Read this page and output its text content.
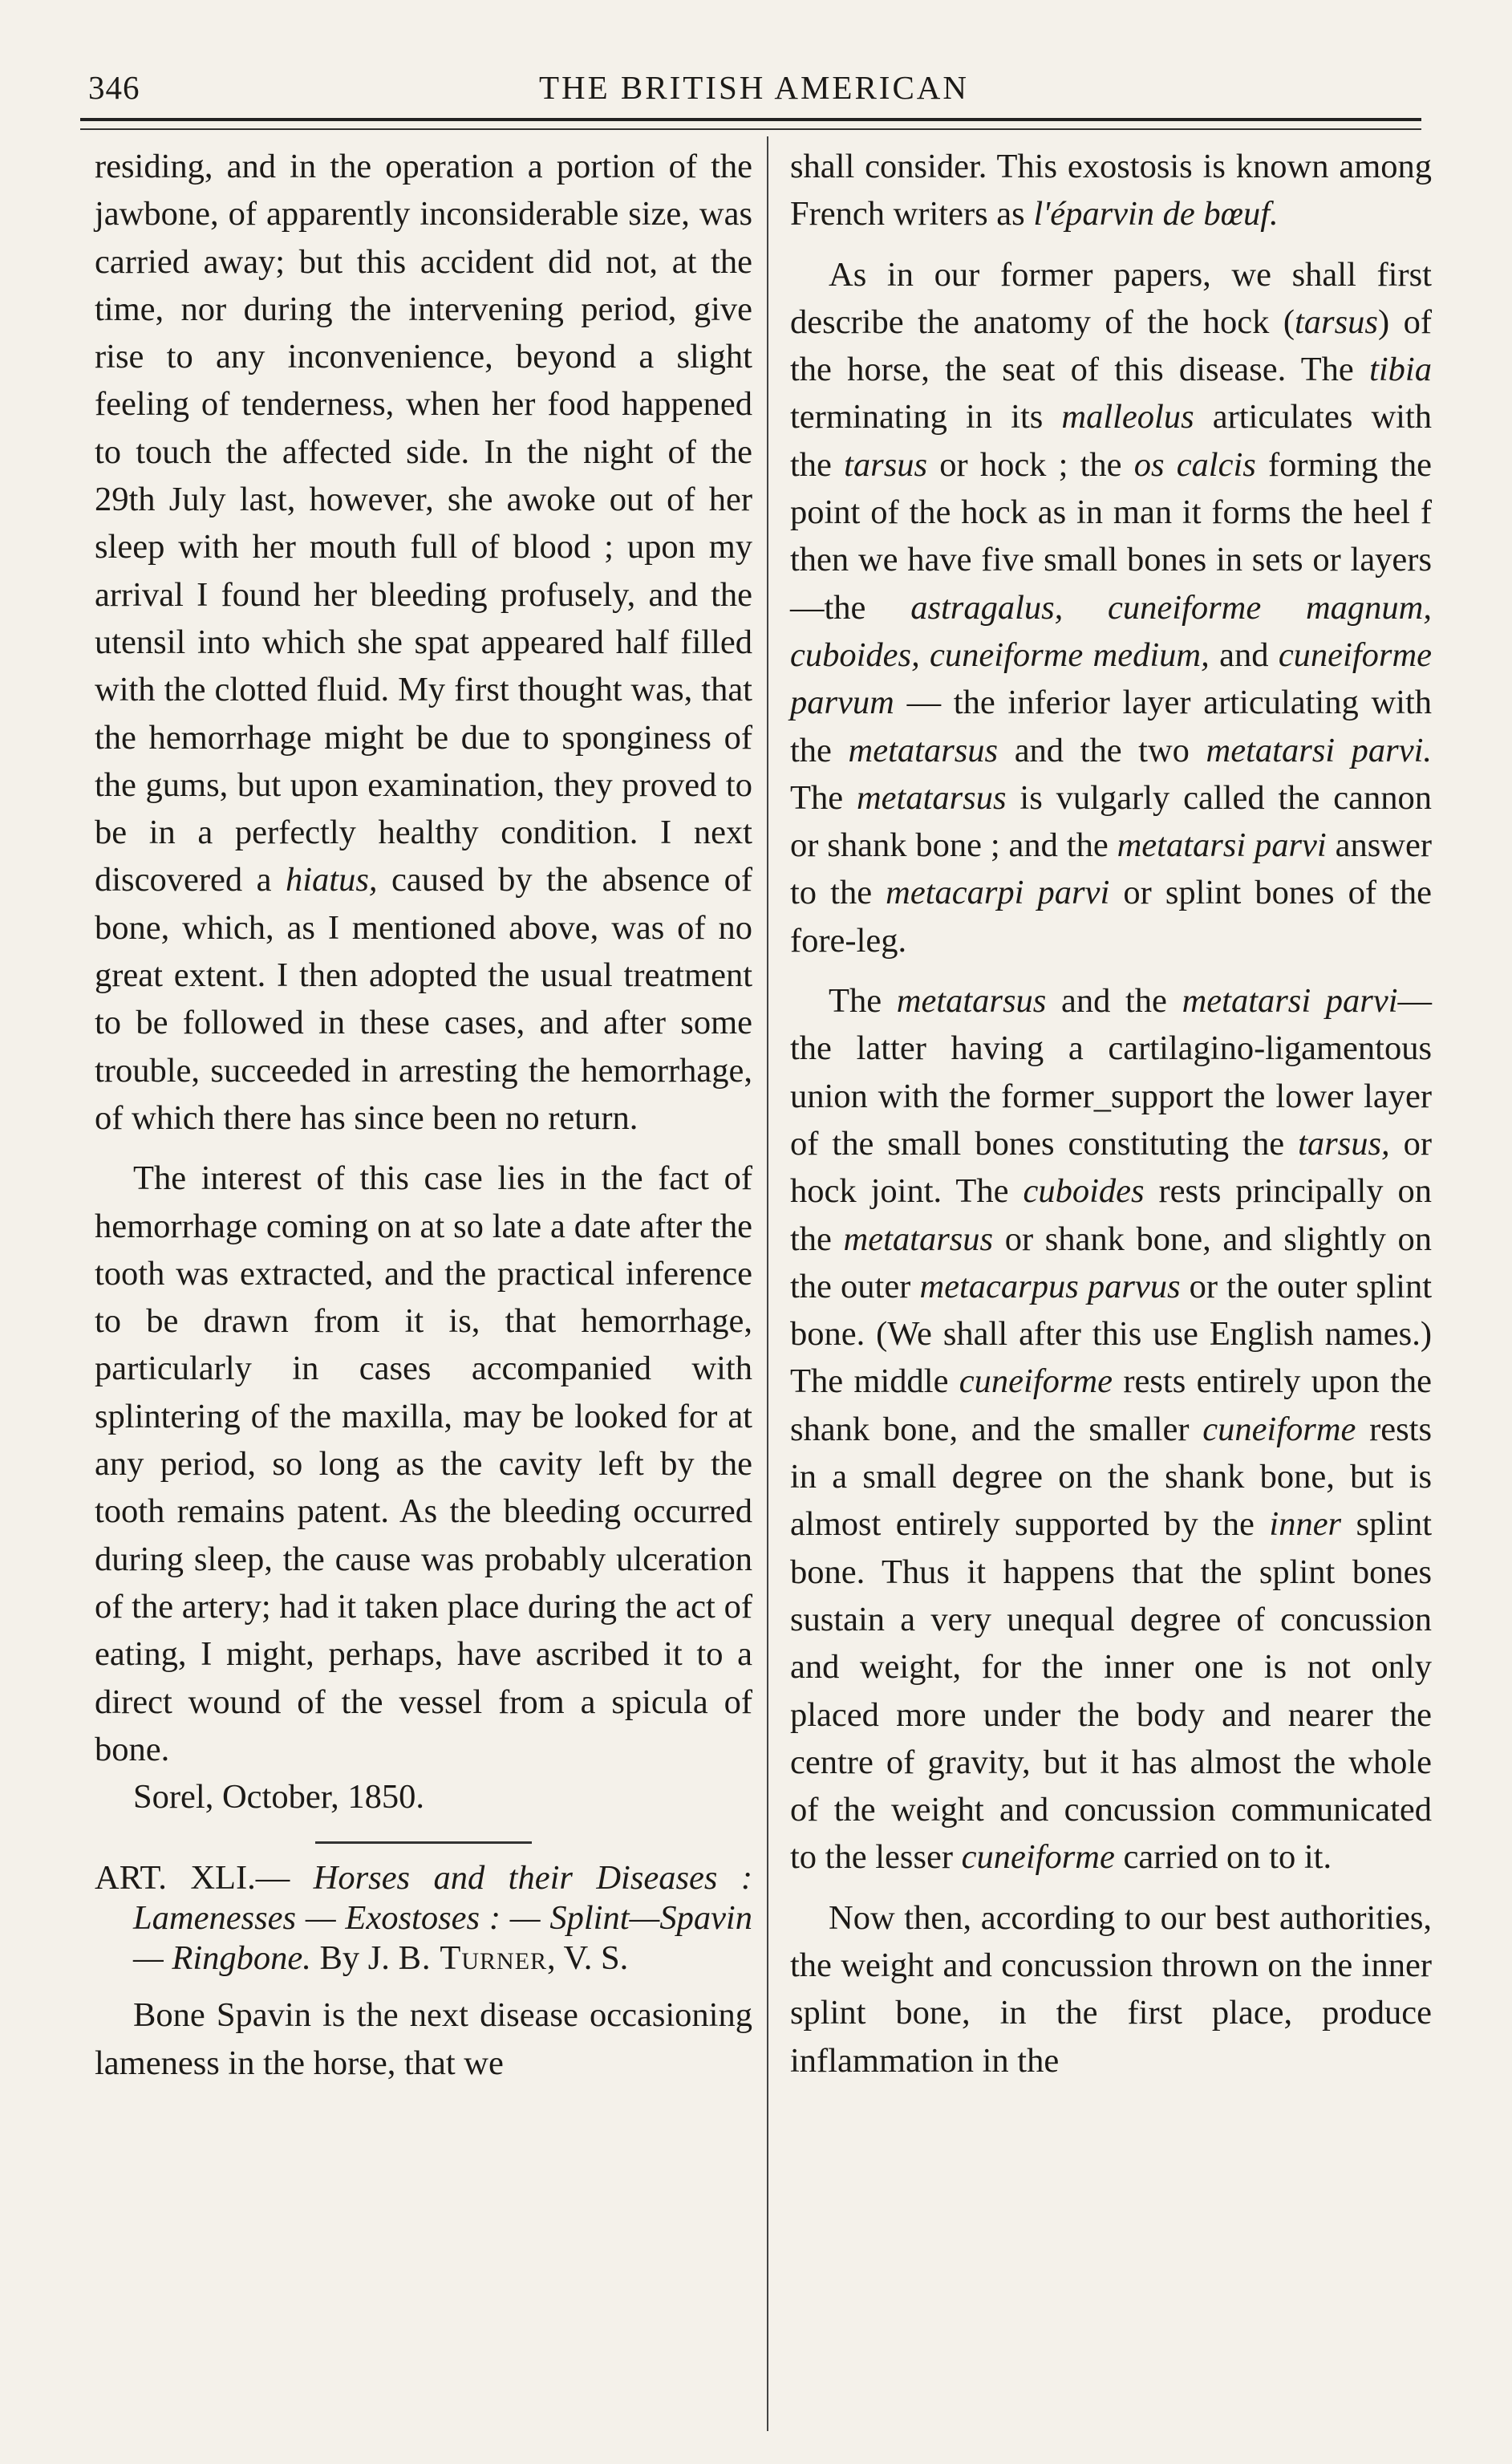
346	THE BRITISH AMERICAN

residing, and in the operation a portion of the jawbone, of apparently inconsiderable size, was carried away; but this accident did not, at the time, nor during the intervening period, give rise to any inconvenience, beyond a slight feeling of tenderness, when her food happened to touch the affected side. In the night of the 29th July last, however, she awoke out of her sleep with her mouth full of blood ; upon my arrival I found her bleeding profusely, and the utensil into which she spat appeared half filled with the clotted fluid. My first thought was, that the hemorrhage might be due to sponginess of the gums, but upon examination, they proved to be in a perfectly healthy condition. I next discovered a hiatus, caused by the absence of bone, which, as I mentioned above, was of no great extent. I then adopted the usual treatment to be followed in these cases, and after some trouble, succeeded in arresting the hemorrhage, of which there has since been no return.

The interest of this case lies in the fact of hemorrhage coming on at so late a date after the tooth was extracted, and the practical inference to be drawn from it is, that hemorrhage, particularly in cases accompanied with splintering of the maxilla, may be looked for at any period, so long as the cavity left by the tooth remains patent. As the bleeding occurred during sleep, the cause was probably ulceration of the artery; had it taken place during the act of eating, I might, perhaps, have ascribed it to a direct wound of the vessel from a spicula of bone.

Sorel, October, 1850.

ART. XLI.— Horses and their Diseases : Lamenesses — Exostoses : — Splint—Spavin — Ringbone. By J. B. Turner, V. S.

Bone Spavin is the next disease occasioning lameness in the horse, that we

shall consider. This exostosis is known among French writers as l'éparvin de bœuf.

As in our former papers, we shall first describe the anatomy of the hock (tarsus) of the horse, the seat of this disease. The tibia terminating in its malleolus articulates with the tarsus or hock ; the os calcis forming the point of the hock as in man it forms the heel f then we have five small bones in sets or layers—the astragalus, cuneiforme magnum, cuboides, cuneiforme medium, and cuneiforme parvum — the inferior layer articulating with the metatarsus and the two metatarsi parvi. The metatarsus is vulgarly called the cannon or shank bone ; and the metatarsi parvi answer to the metacarpi parvi or splint bones of the fore-leg.

The metatarsus and the metatarsi parvi—the latter having a cartilagino-ligamentous union with the former_support the lower layer of the small bones constituting the tarsus, or hock joint. The cuboides rests principally on the metatarsus or shank bone, and slightly on the outer metacarpus parvus or the outer splint bone. (We shall after this use English names.) The middle cuneiforme rests entirely upon the shank bone, and the smaller cuneiforme rests in a small degree on the shank bone, but is almost entirely supported by the inner splint bone. Thus it happens that the splint bones sustain a very unequal degree of concussion and weight, for the inner one is not only placed more under the body and nearer the centre of gravity, but it has almost the whole of the weight and concussion communicated to the lesser cuneiforme carried on to it.

Now then, according to our best authorities, the weight and concussion thrown on the inner splint bone, in the first place, produce inflammation in the
